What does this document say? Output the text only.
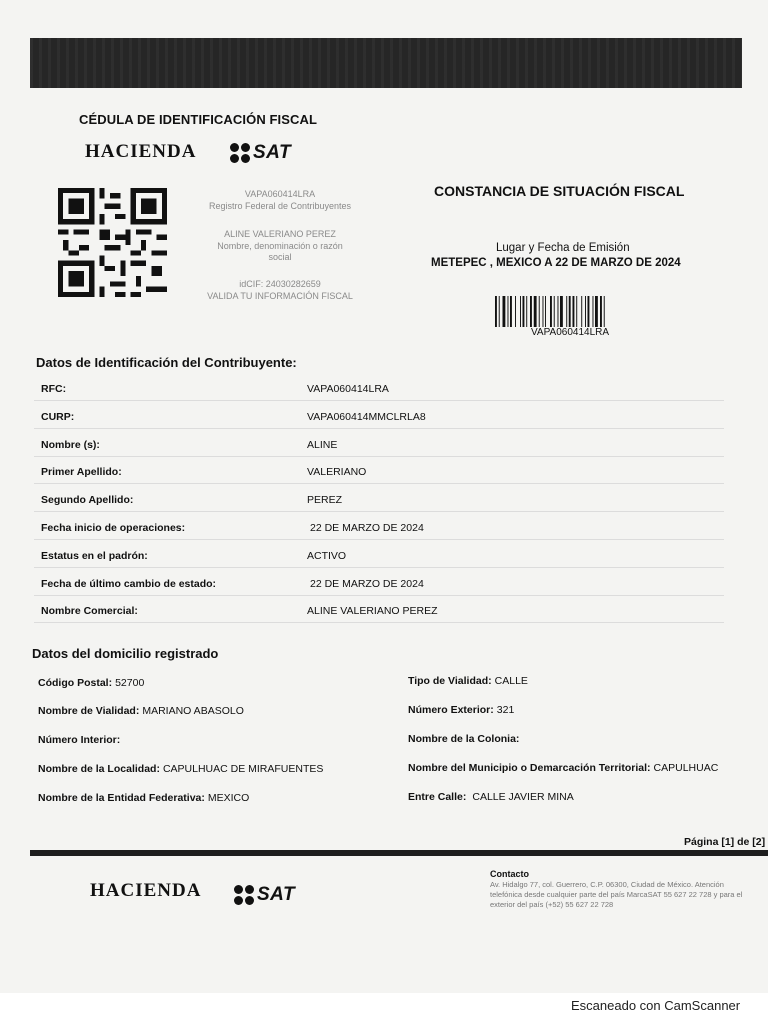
CÉDULA DE IDENTIFICACIÓN FISCAL
HACIENDA	SAT
VAPA060414LRA
Registro Federal de Contribuyentes
ALINE VALERIANO PEREZ
Nombre, denominación o razón social
idCIF: 24030282659
VALIDA TU INFORMACIÓN FISCAL
CONSTANCIA DE SITUACIÓN FISCAL
Lugar y Fecha de Emisión
METEPEC , MEXICO A 22 DE MARZO DE 2024
VAPA060414LRA
Datos de Identificación del Contribuyente:
RFC:	VAPA060414LRA
CURP:	VAPA060414MMCLRLA8
Nombre (s):	ALINE
Primer Apellido:	VALERIANO
Segundo Apellido:	PEREZ
Fecha inicio de operaciones:	22 DE MARZO DE 2024
Estatus en el padrón:	ACTIVO
Fecha de último cambio de estado:	22 DE MARZO DE 2024
Nombre Comercial:	ALINE VALERIANO PEREZ
Datos del domicilio registrado
Código Postal: 52700
Nombre de Vialidad: MARIANO ABASOLO
Número Interior:
Nombre de la Localidad: CAPULHUAC DE MIRAFUENTES
Nombre de la Entidad Federativa: MEXICO
Tipo de Vialidad: CALLE
Número Exterior: 321
Nombre de la Colonia:
Nombre del Municipio o Demarcación Territorial: CAPULHUAC
Entre Calle: CALLE JAVIER MINA
Página [1] de [2]
HACIENDA	SAT
Contacto
Av. Hidalgo 77, col. Guerrero, C.P. 06300, Ciudad de México. Atención telefónica desde cualquier parte del país MarcaSAT 55 627 22 728 y para el exterior del país (+52) 55 627 22 728
Escaneado con CamScanner
